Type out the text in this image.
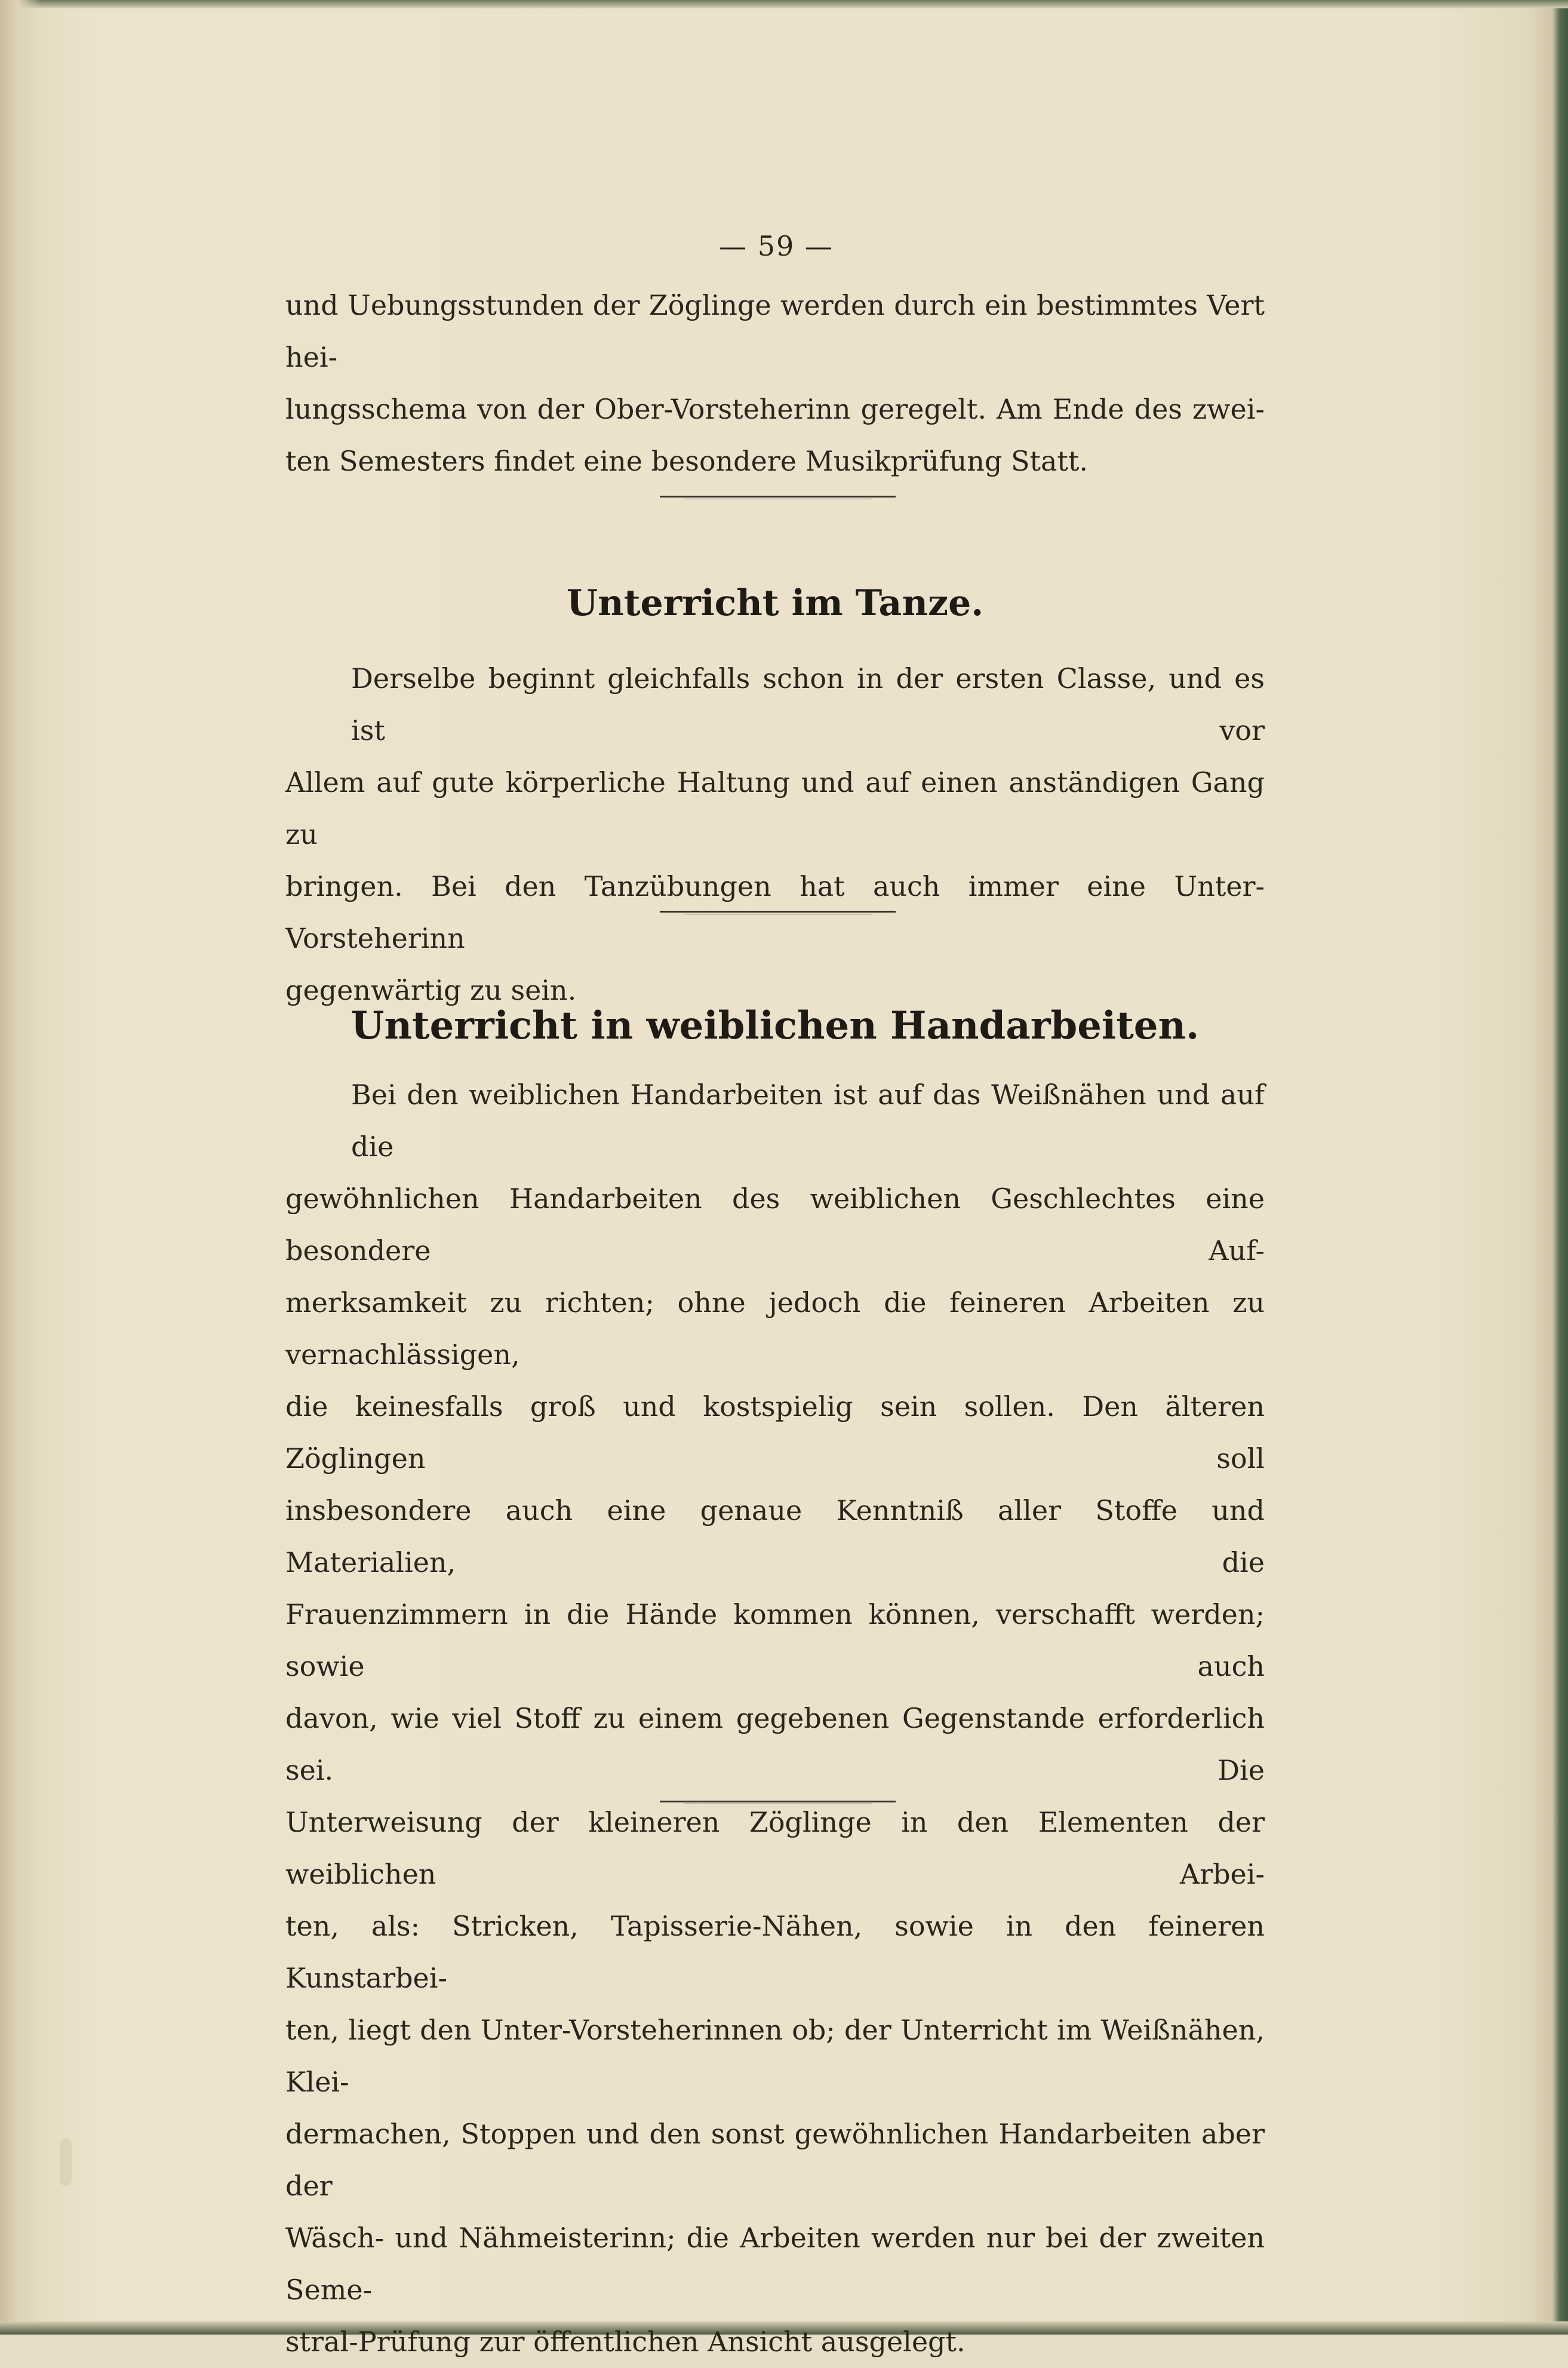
— 59 —

und Uebungsstunden der Zöglinge werden durch ein bestimmtes Vert hei-

lungsschema von der Ober-Vorsteherinn geregelt. Am Ende des zwei-

ten Semesters findet eine besondere Musikprüfung Statt.

Unterricht im Tanze.

Derselbe beginnt gleichfalls schon in der ersten Classe, und es ist vor

Allem auf gute körperliche Haltung und auf einen anständigen Gang zu

bringen. Bei den Tanzübungen hat auch immer eine Unter-Vorsteherinn

gegenwärtig zu sein.

Unterricht in weiblichen Handarbeiten.

Bei den weiblichen Handarbeiten ist auf das Weißnähen und auf die

gewöhnlichen Handarbeiten des weiblichen Geschlechtes eine besondere Auf-

merksamkeit zu richten; ohne jedoch die feineren Arbeiten zu vernachlässigen,

die keinesfalls groß und kostspielig sein sollen. Den älteren Zöglingen soll

insbesondere auch eine genaue Kenntniß aller Stoffe und Materialien, die

Frauenzimmern in die Hände kommen können, verschafft werden; sowie auch

davon, wie viel Stoff zu einem gegebenen Gegenstande erforderlich sei. Die

Unterweisung der kleineren Zöglinge in den Elementen der weiblichen Arbei-

ten, als: Stricken, Tapisserie-Nähen, sowie in den feineren Kunstarbei-

ten, liegt den Unter-Vorsteherinnen ob; der Unterricht im Weißnähen, Klei-

dermachen, Stoppen und den sonst gewöhnlichen Handarbeiten aber der

Wäsch- und Nähmeisterinn; die Arbeiten werden nur bei der zweiten Seme-

stral-Prüfung zur öffentlichen Ansicht ausgelegt.
